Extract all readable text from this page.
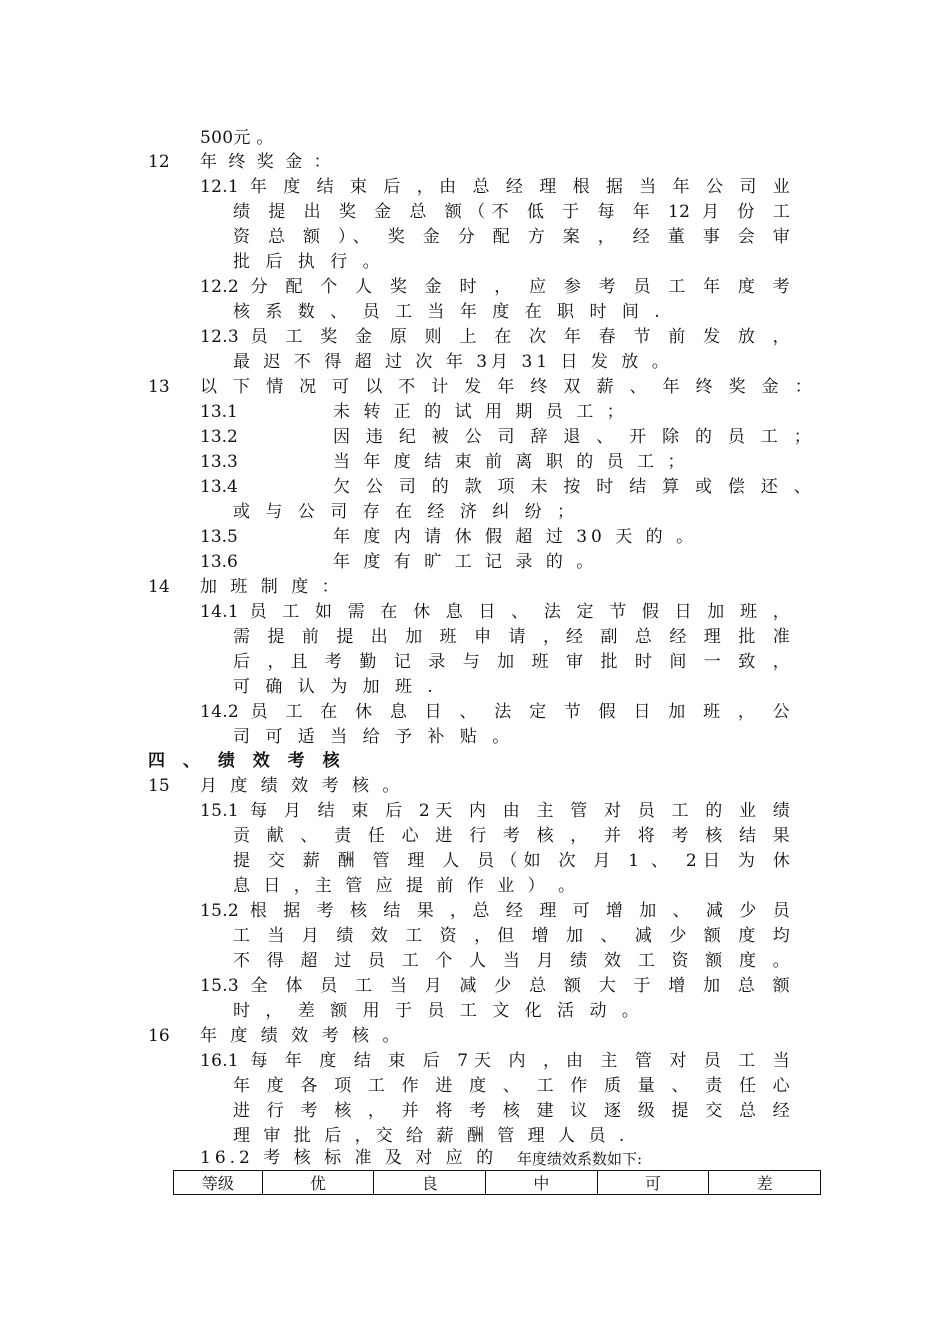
500元 。
12 年 终 奖 金 ：
12.1 年 度 结 束 后 ，由 总 经 理 根 据 当 年 公 司 业
绩 提 出 奖 金 总 额（不 低 于 每 年 12 月 份 工
资 总 额 ）、 奖 金 分 配 方 案 ， 经 董 事 会 审
批 后 执 行 。
12.2 分 配 个 人 奖 金 时 ， 应 参 考 员 工 年 度 考
核 系 数 、 员 工 当 年 度 在 职 时 间 .
12.3 员 工 奖 金 原 则 上 在 次 年 春 节 前 发 放 ，
最 迟 不 得 超 过 次 年 3月 31 日 发 放 。
13 以 下 情 况 可 以 不 计 发 年 终 双 薪 、 年 终 奖 金 ：
13.1	未 转 正 的 试 用 期 员 工 ；
13.2	因 违 纪 被 公 司 辞 退 、 开 除 的 员 工 ；
13.3	当 年 度 结 束 前 离 职 的 员 工 ；
13.4	欠 公 司 的 款 项 未 按 时 结 算 或 偿 还 、
或 与 公 司 存 在 经 济 纠 纷 ；
13.5	年 度 内 请 休 假 超 过 30 天 的 。
13.6	年 度 有 旷 工 记 录 的 。
14 加 班 制 度 ：
14.1 员 工 如 需 在 休 息 日 、 法 定 节 假 日 加 班 ，
需 提 前 提 出 加 班 申 请 ，经 副 总 经 理 批 准
后 ，且 考 勤 记 录 与 加 班 审 批 时 间 一 致 ，
可 确 认 为 加 班 .
14.2 员 工 在 休 息 日 、 法 定 节 假 日 加 班 ， 公
司 可 适 当 给 予 补 贴 。
四 、 绩 效 考 核
15 月 度 绩 效 考 核 。
15.1 每 月 结 束 后 2天 内 由 主 管 对 员 工 的 业 绩
贡 献 、 责 任 心 进 行 考 核 ， 并 将 考 核 结 果
提 交 薪 酬 管 理 人 员（如 次 月 1 、 2日 为 休
息 日 ，主 管 应 提 前 作 业 ） 。
15.2 根 据 考 核 结 果 ，总 经 理 可 增 加 、 减 少 员
工 当 月 绩 效 工 资 ，但 增 加 、 减 少 额 度 均
不 得 超 过 员 工 个 人 当 月 绩 效 工 资 额 度 。
15.3 全 体 员 工 当 月 减 少 总 额 大 于 增 加 总 额
时 ， 差 额 用 于 员 工 文 化 活 动 。
16 年 度 绩 效 考 核 。
16.1 每 年 度 结 束 后 7天 内 ，由 主 管 对 员 工 当
年 度 各 项 工 作 进 度 、 工 作 质 量 、 责 任 心
进 行 考 核 ， 并 将 考 核 建 议 逐 级 提 交 总 经
理 审 批 后 ，交 给 薪 酬 管 理 人 员 .
16.2 考 核 标 准 及 对 应 的 年度绩效系数如下:
等级	优	良	中	可	差
